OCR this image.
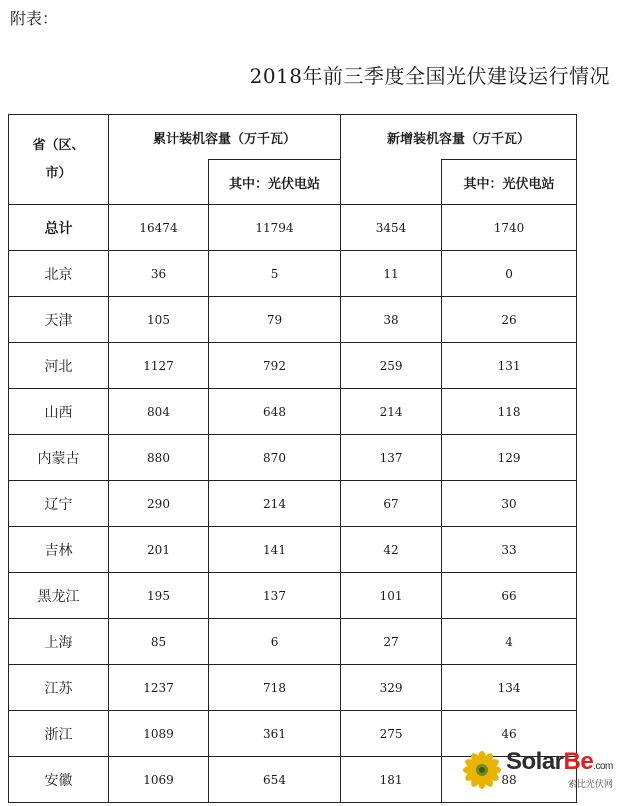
附表：
2018年前三季度全国光伏建设运行情况
省（区、
市）	累计装机容量（万千瓦）		新增装机容量（万千瓦）	
		其中：光伏电站		其中：光伏电站
总计	16474	11794	3454	1740
北京	36	5	11	0
天津	105	79	38	26
河北	1127	792	259	131
山西	804	648	214	118
内蒙古	880	870	137	129
辽宁	290	214	67	30
吉林	201	141	42	33
黑龙江	195	137	101	66
上海	85	6	27	4
江苏	1237	718	329	134
浙江	1089	361	275	46
安徽	1069	654	181	88
SolarBe.com
索比光伏网
